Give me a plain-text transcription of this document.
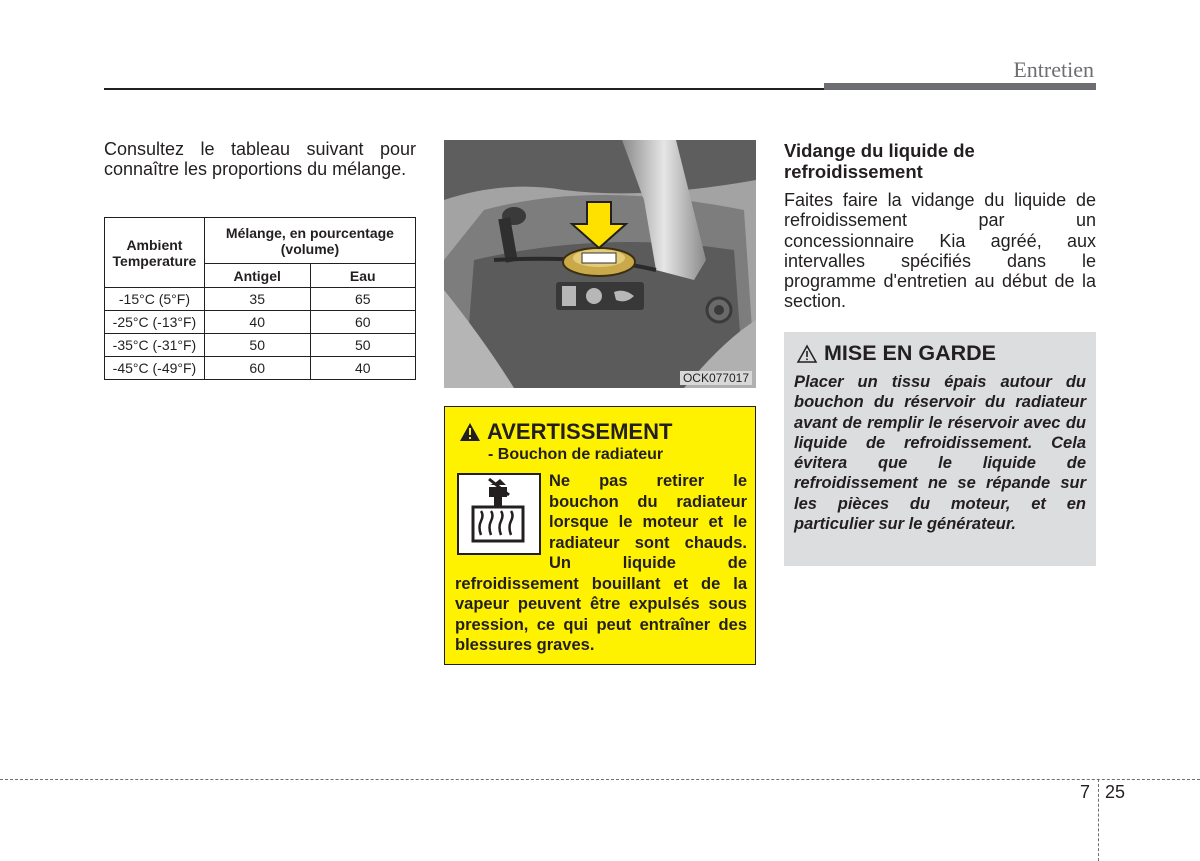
Entretien

Consultez le tableau suivant pour connaître les proportions du mélange.

Ambient Temperature	Mélange, en pourcentage (volume)	
	Antigel	Eau
-15°C (5°F)	35	65
-25°C (-13°F)	40	60
-35°C (-31°F)	50	50
-45°C (-49°F)	60	40
OCK077017
AVERTISSEMENT
- Bouchon de radiateur

Ne pas retirer le bouchon du radiateur lorsque le moteur et le radiateur sont chauds. Un liquide de refroidissement bouillant et de la vapeur peuvent être expulsés sous pression, ce qui peut entraîner des blessures graves.

Vidange du liquide de refroidissement

Faites faire la vidange du liquide de refroidissement par un concessionnaire Kia agréé, aux intervalles spécifiés dans le programme d'entretien au début de la section.

MISE EN GARDE

Placer un tissu épais autour du bouchon du réservoir du radiateur avant de remplir le réservoir avec du liquide de refroidissement. Cela évitera que le liquide de refroidissement ne se répande sur les pièces du moteur, et en particulier sur le générateur.

7 25
